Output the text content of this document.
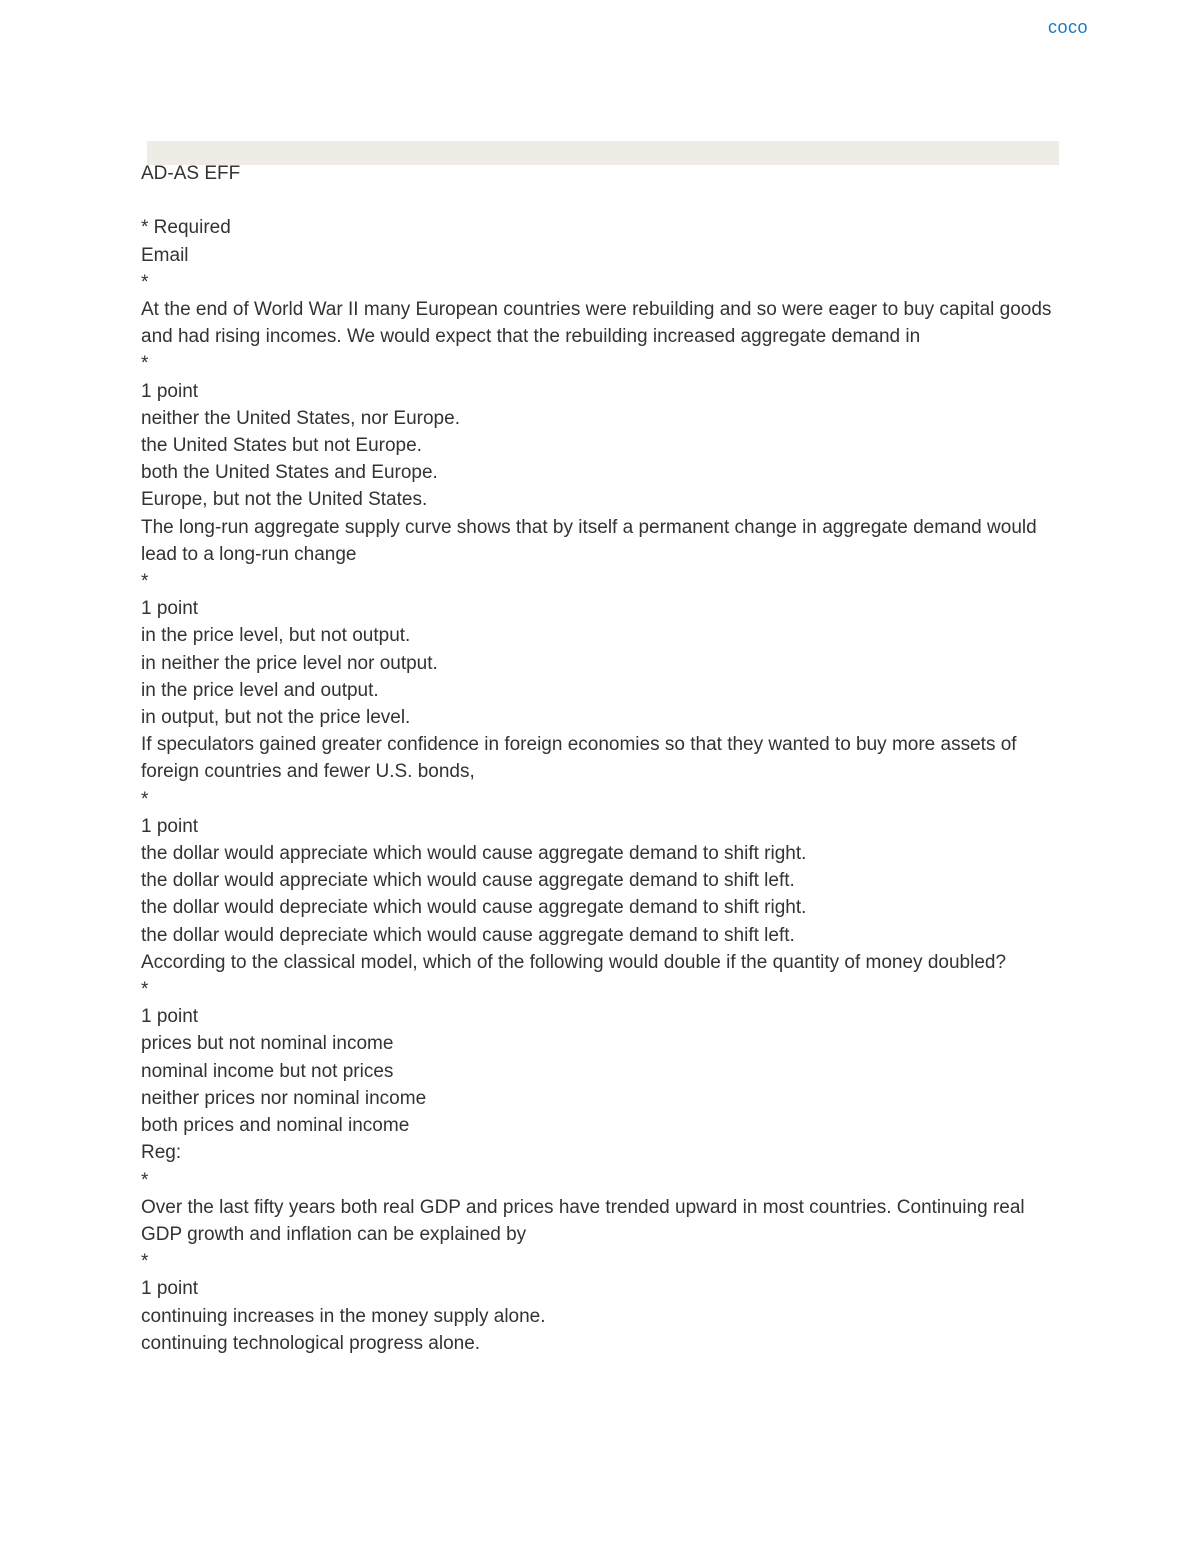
coco
AD-AS EFF
* Required
Email
*
At the end of World War II many European countries were rebuilding and so were eager to buy capital goods and had rising incomes. We would expect that the rebuilding increased aggregate demand in
*
1 point
neither the United States, nor Europe.
the United States but not Europe.
both the United States and Europe.
Europe, but not the United States.
The long-run aggregate supply curve shows that by itself a permanent change in aggregate demand would lead to a long-run change
*
1 point
in the price level, but not output.
in neither the price level nor output.
in the price level and output.
in output, but not the price level.
If speculators gained greater confidence in foreign economies so that they wanted to buy more assets of foreign countries and fewer U.S. bonds,
*
1 point
the dollar would appreciate which would cause aggregate demand to shift right.
the dollar would appreciate which would cause aggregate demand to shift left.
the dollar would depreciate which would cause aggregate demand to shift right.
the dollar would depreciate which would cause aggregate demand to shift left.
According to the classical model, which of the following would double if the quantity of money doubled?
*
1 point
prices but not nominal income
nominal income but not prices
neither prices nor nominal income
both prices and nominal income
Reg:
*
Over the last fifty years both real GDP and prices have trended upward in most countries. Continuing real GDP growth and inflation can be explained by
*
1 point
continuing increases in the money supply alone.
continuing technological progress alone.
